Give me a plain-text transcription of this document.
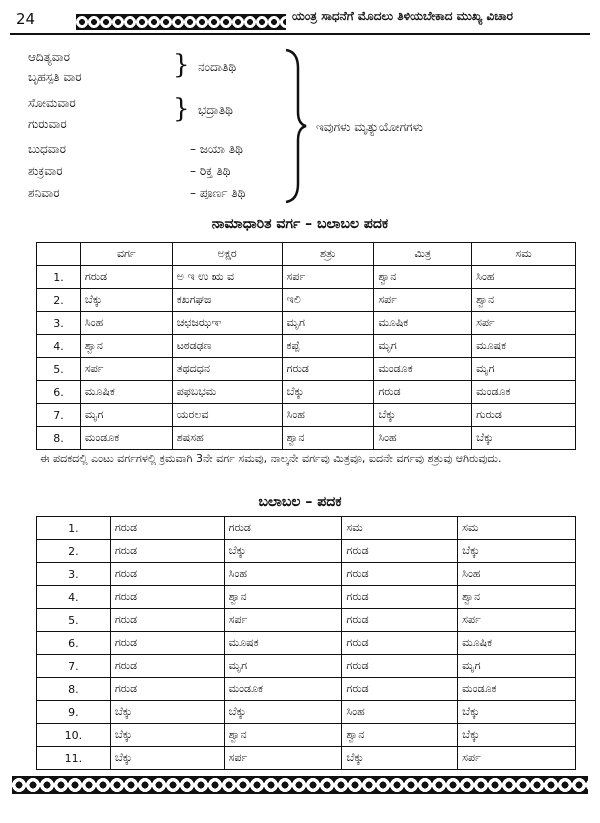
24	ಯಂತ್ರ ಸಾಧನೆಗೆ ಮೊದಲು ತಿಳಿಯಬೇಕಾದ ಮುಖ್ಯ ವಿಚಾರ
ಆದಿತ್ಯವಾರ
ಬೃಹಸ್ಪತಿ ವಾರ	} ನಂದಾತಿಥಿ
ಸೋಮವಾರ
ಗುರುವಾರ	} ಭದ್ರಾತಿಥಿ
ಬುಧವಾರ	– ಜಯಾ ತಿಥಿ
ಶುಕ್ರವಾರ	– ರಿಕ್ತ ತಿಥಿ
ಶನಿವಾರ	– ಪೂರ್ಣ ತಿಥಿ
ಇವುಗಳು ಮೃತ್ಯುಯೋಗಗಳು
ನಾಮಾಧಾರಿತ ವರ್ಗ – ಬಲಾಬಲ ಪದಕ
	ವರ್ಗ	ಅಕ್ಷರ	ಶತ್ರು	ಮಿತ್ರ	ಸಮ
1.	ಗರುಡ	ಅ ಇ ಉ ಋ ವ	ಸರ್ಪ	ಶ್ವಾನ	ಸಿಂಹ
2.	ಬೆಕ್ಕು	ಕಖಗಘಙ	ಇಲಿ	ಸರ್ಪ	ಶ್ವಾನ
3.	ಸಿಂಹ	ಚಛಜಝಞ	ಮೃಗ	ಮೂಷಿಕ	ಸರ್ಪ
4.	ಶ್ವಾನ	ಟಠಡಢಣ	ಕಪ್ಪೆ	ಮೃಗ	ಮೂಷಕ
5.	ಸರ್ಪ	ತಥದಧನ	ಗರುಡ	ಮಂಡೂಕ	ಮೃಗ
6.	ಮೂಷಿಕ	ಪಫಬಭಮ	ಬೆಕ್ಕು	ಗರುಡ	ಮಂಡೂಕ
7.	ಮೃಗ	ಯರಲವ	ಸಿಂಹ	ಬೆಕ್ಕು	ಗುರುಡ
8.	ಮಂಡೂಕ	ಶಷಸಹ	ಶ್ವಾನ	ಸಿಂಹ	ಬೆಕ್ಕು

ಈ ಪದಕದಲ್ಲಿ ಎಂಟು ವರ್ಗಗಳಲ್ಲಿ ಕ್ರಮವಾಗಿ 3ನೇ ವರ್ಗ ಸಮವು, ನಾಲ್ಕನೇ ವರ್ಗವು ಮಿತ್ರವೂ, ಐದನೇ ವರ್ಗವು ಶತ್ರುವು ಆಗಿರುವುದು.

ಬಲಾಬಲ – ಪದಕ
1.	ಗರುಡ	ಗರುಡ	ಸಮ	ಸಮ
2.	ಗರುಡ	ಬೆಕ್ಕು	ಗರುಡ	ಬೆಕ್ಕು
3.	ಗರುಡ	ಸಿಂಹ	ಗರುಡ	ಸಿಂಹ
4.	ಗರುಡ	ಶ್ವಾನ	ಗರುಡ	ಶ್ವಾನ
5.	ಗರುಡ	ಸರ್ಪ	ಗರುಡ	ಸರ್ಪ
6.	ಗರುಡ	ಮೂಷಕ	ಗರುಡ	ಮೂಷಿಕ
7.	ಗರುಡ	ಮೃಗ	ಗರುಡ	ಮೃಗ
8.	ಗರುಡ	ಮಂಡೂಕ	ಗರುಡ	ಮಂಡೂಕ
9.	ಬೆಕ್ಕು	ಬೆಕ್ಕು	ಸಿಂಹ	ಬೆಕ್ಕು
10.	ಬೆಕ್ಕು	ಶ್ವಾನ	ಶ್ವಾನ	ಬೆಕ್ಕು
11.	ಬೆಕ್ಕು	ಸರ್ಪ	ಬೆಕ್ಕು	ಸರ್ಪ
